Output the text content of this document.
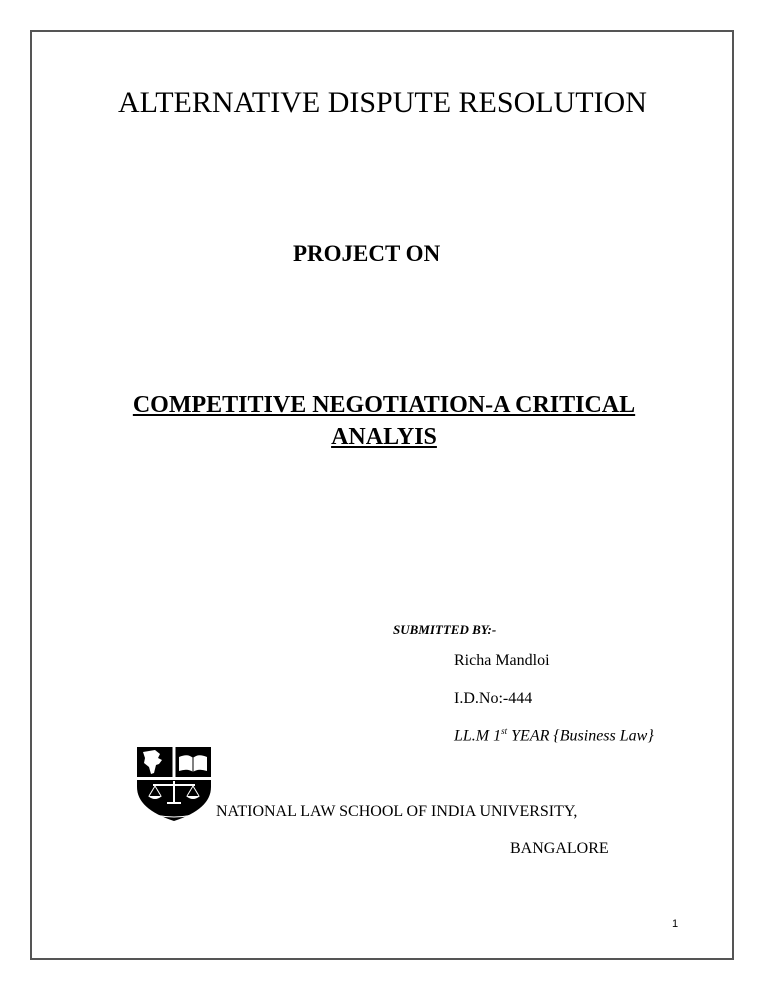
ALTERNATIVE DISPUTE RESOLUTION
PROJECT ON
COMPETITIVE NEGOTIATION-A CRITICAL
ANALYIS
SUBMITTED BY:-
Richa Mandloi
I.D.No:-444
LL.M 1st YEAR {Business Law}
NATIONAL LAW SCHOOL OF INDIA UNIVERSITY,
BANGALORE
1
